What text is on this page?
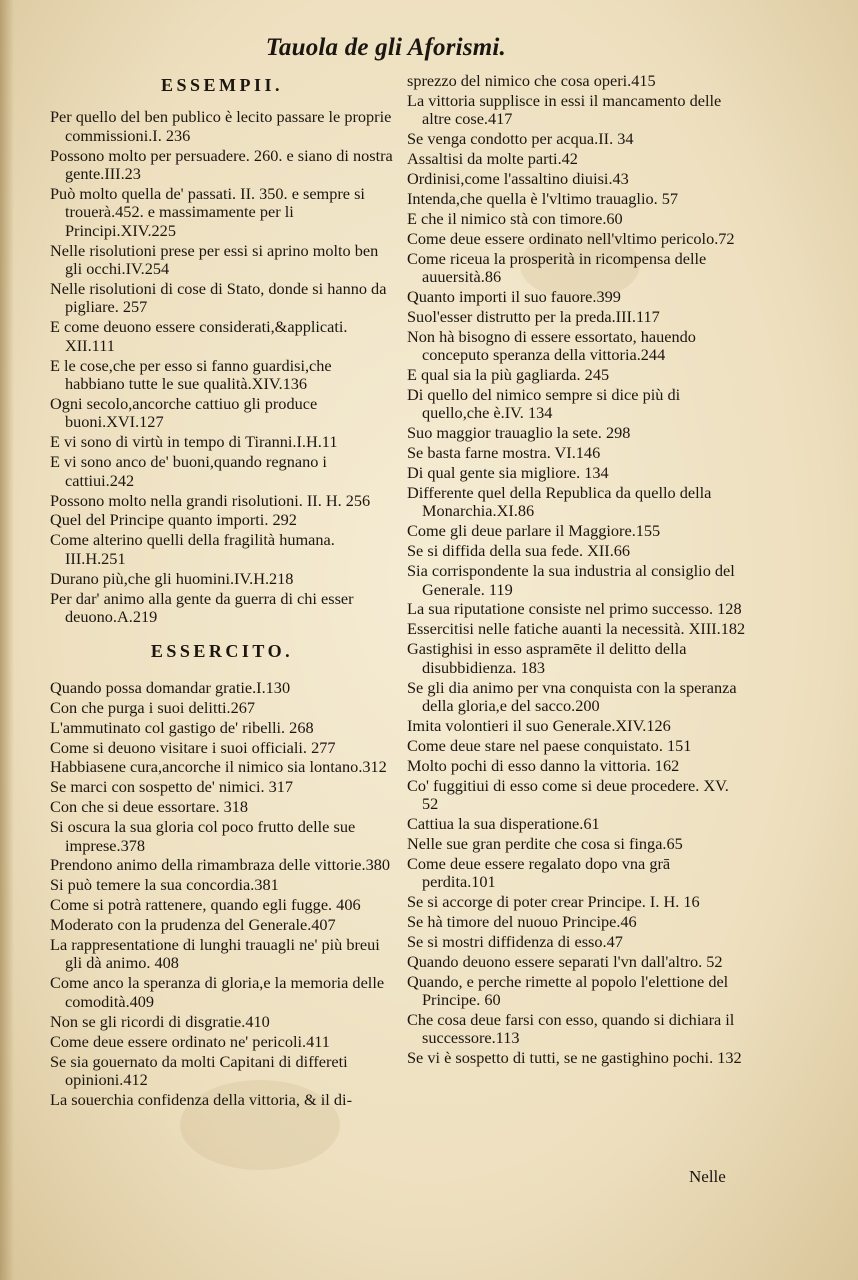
Tauola de gli Aforismi.
ESSEMPII.

Per quello del ben publico è lecito passare le proprie commissioni.I. 236

Possono molto per persuadere. 260. e siano di nostra gente.III.23

Può molto quella de' passati. II. 350. e sempre si trouerà.452. e massimamente per li Principi.XIV.225

Nelle risolutioni prese per essi si aprino molto ben gli occhi.IV.254

Nelle risolutioni di cose di Stato, donde si hanno da pigliare. 257

E come deuono essere considerati,&applicati. XII.111

E le cose,che per esso si fanno guardisi,che habbiano tutte le sue qualità.XIV.136

Ogni secolo,ancorche cattiuo gli produce buoni.XVI.127

E vi sono di virtù in tempo di Tiranni.I.H.11

E vi sono anco de' buoni,quando regnano i cattiui.242

Possono molto nella grandi risolutioni. II. H. 256

Quel del Principe quanto importi. 292

Come alterino quelli della fragilità humana. III.H.251

Durano più,che gli huomini.IV.H.218

Per dar' animo alla gente da guerra di chi esser deuono.A.219

ESSERCITO.

Quando possa domandar gratie.I.130

Con che purga i suoi delitti.267

L'ammutinato col gastigo de' ribelli. 268

Come si deuono visitare i suoi officiali. 277

Habbiasene cura,ancorche il nimico sia lontano.312

Se marci con sospetto de' nimici. 317

Con che si deue essortare. 318

Si oscura la sua gloria col poco frutto delle sue imprese.378

Prendono animo della rimambraza delle vittorie.380

Si può temere la sua concordia.381

Come si potrà rattenere, quando egli fugge. 406

Moderato con la prudenza del Generale.407

La rappresentatione di lunghi trauagli ne' più breui gli dà animo. 408

Come anco la speranza di gloria,e la memoria delle comodità.409

Non se gli ricordi di disgratie.410

Come deue essere ordinato ne' pericoli.411

Se sia gouernato da molti Capitani di differeti opinioni.412

La souerchia confidenza della vittoria, & il di-

sprezzo del nimico che cosa operi.415

La vittoria supplisce in essi il mancamento delle altre cose.417

Se venga condotto per acqua.II. 34

Assaltisi da molte parti.42

Ordinisi,come l'assaltino diuisi.43

Intenda,che quella è l'vltimo trauaglio. 57

E che il nimico stà con timore.60

Come deue essere ordinato nell'vltimo pericolo.72

Come riceua la prosperità in ricompensa delle auuersità.86

Quanto importi il suo fauore.399

Suol'esser distrutto per la preda.III.117

Non hà bisogno di essere essortato, hauendo conceputo speranza della vittoria.244

E qual sia la più gagliarda. 245

Di quello del nimico sempre si dice più di quello,che è.IV. 134

Suo maggior trauaglio la sete. 298

Se basta farne mostra. VI.146

Di qual gente sia migliore. 134

Differente quel della Republica da quello della Monarchia.XI.86

Come gli deue parlare il Maggiore.155

Se si diffida della sua fede. XII.66

Sia corrispondente la sua industria al consiglio del Generale. 119

La sua riputatione consiste nel primo successo. 128

Essercitisi nelle fatiche auanti la necessità. XIII.182

Gastighisi in esso aspramēte il delitto della disubbidienza. 183

Se gli dia animo per vna conquista con la speranza della gloria,e del sacco.200

Imita volontieri il suo Generale.XIV.126

Come deue stare nel paese conquistato. 151

Molto pochi di esso danno la vittoria. 162

Co' fuggitiui di esso come si deue procedere. XV. 52

Cattiua la sua disperatione.61

Nelle sue gran perdite che cosa si finga.65

Come deue essere regalato dopo vna grā perdita.101

Se si accorge di poter crear Principe. I. H. 16

Se hà timore del nuouo Principe.46

Se si mostri diffidenza di esso.47

Quando deuono essere separati l'vn dall'altro. 52

Quando, e perche rimette al popolo l'elettione del Principe. 60

Che cosa deue farsi con esso, quando si dichiara il successore.113

Se vi è sospetto di tutti, se ne gastighino pochi. 132

Nelle
